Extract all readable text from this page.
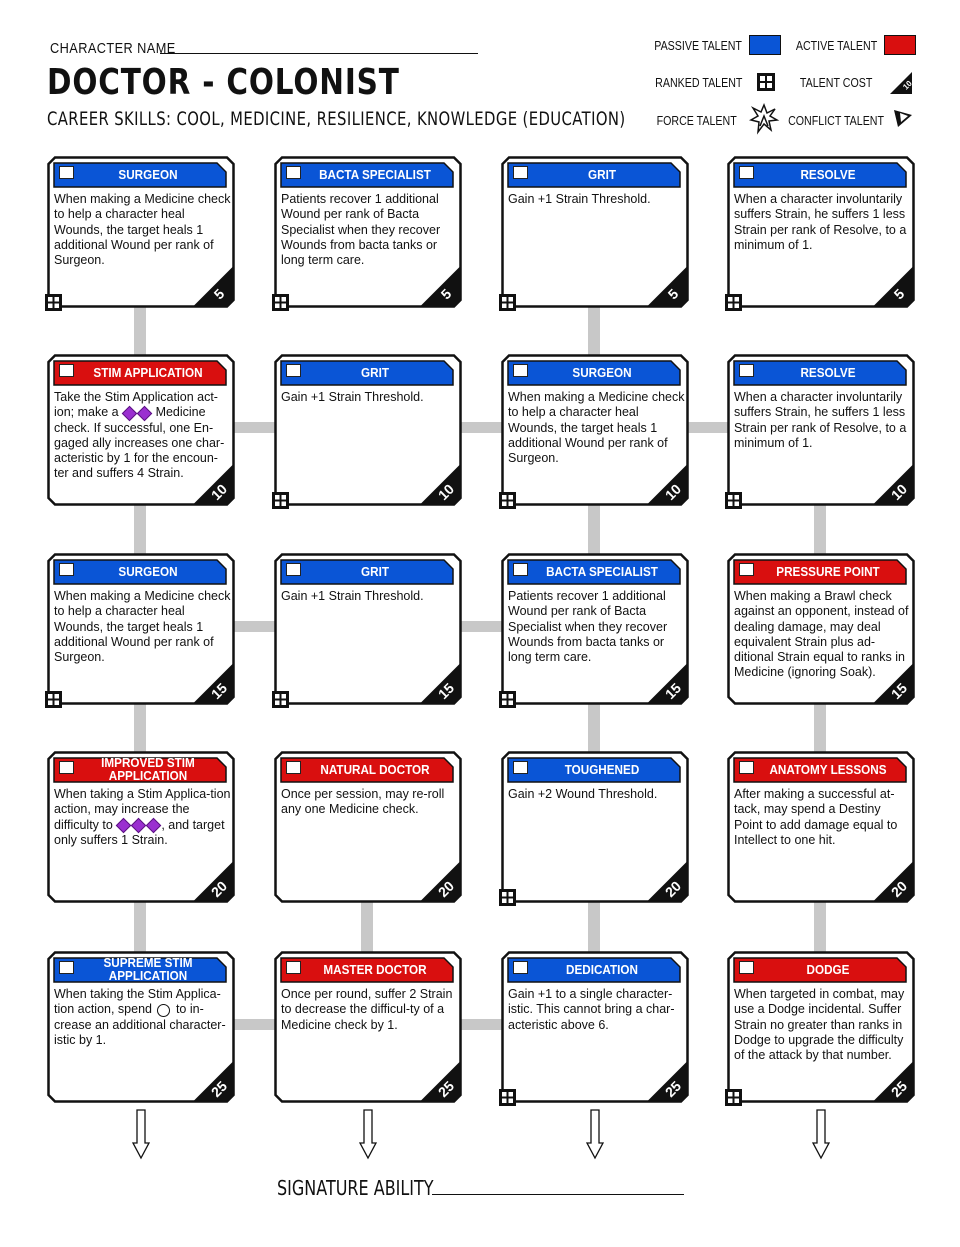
CHARACTER NAME
DOCTOR - COLONIST
CAREER SKILLS: COOL, MEDICINE, RESILIENCE, KNOWLEDGE (EDUCATION)
PASSIVE TALENT	ACTIVE TALENT
RANKED TALENT	TALENT COST	10
FORCE TALENT	CONFLICT TALENT
SURGEON
When making a Medicine check to help a character heal Wounds, the target heals 1 additional Wound per rank of Surgeon.
5
BACTA SPECIALIST
Patients recover 1 additional Wound per rank of Bacta Specialist when they recover Wounds from bacta tanks or long term care.
5
GRIT
Gain +1 Strain Threshold.
5
RESOLVE
When a character involuntarily suffers Strain, he suffers 1 less Strain per rank of Resolve, to a minimum of 1.
5
STIM APPLICATION
Take the Stim Application act-ion; make a  Medicine check. If successful, one En-gaged ally increases one char-acteristic by 1 for the encoun-ter and suffers 4 Strain.
10
GRIT
Gain +1 Strain Threshold.
10
SURGEON
When making a Medicine check to help a character heal Wounds, the target heals 1 additional Wound per rank of Surgeon.
10
RESOLVE
When a character involuntarily suffers Strain, he suffers 1 less Strain per rank of Resolve, to a minimum of 1.
10
SURGEON
When making a Medicine check to help a character heal Wounds, the target heals 1 additional Wound per rank of Surgeon.
15
GRIT
Gain +1 Strain Threshold.
15
BACTA SPECIALIST
Patients recover 1 additional Wound per rank of Bacta Specialist when they recover Wounds from bacta tanks or long term care.
15
PRESSURE POINT
When making a Brawl check against an opponent, instead of dealing damage, may deal equivalent Strain plus ad-ditional Strain equal to ranks in Medicine (ignoring Soak).
15
IMPROVED STIM APPLICATION
When taking a Stim Applica-tion action, may increase the difficulty to	, and target only suffers 1 Strain.
20
NATURAL DOCTOR
Once per session, may re-roll any one Medicine check.
20
TOUGHENED
Gain +2 Wound Threshold.
20
ANATOMY LESSONS
After making a successful at-tack, may spend a Destiny Point to add damage equal to Intellect to one hit.
20
SUPREME STIM APPLICATION
When taking the Stim Applica-tion action, spend  to in-crease an additional character-istic by 1.
25
MASTER DOCTOR
Once per round, suffer 2 Strain to decrease the difficul-ty of a Medicine check by 1.
25
DEDICATION
Gain +1 to a single character-istic. This cannot bring a char-acteristic above 6.
25
DODGE
When targeted in combat, may use a Dodge incidental. Suffer Strain no greater than ranks in Dodge to upgrade the difficulty of the attack by that number.
25
SIGNATURE ABILITY
